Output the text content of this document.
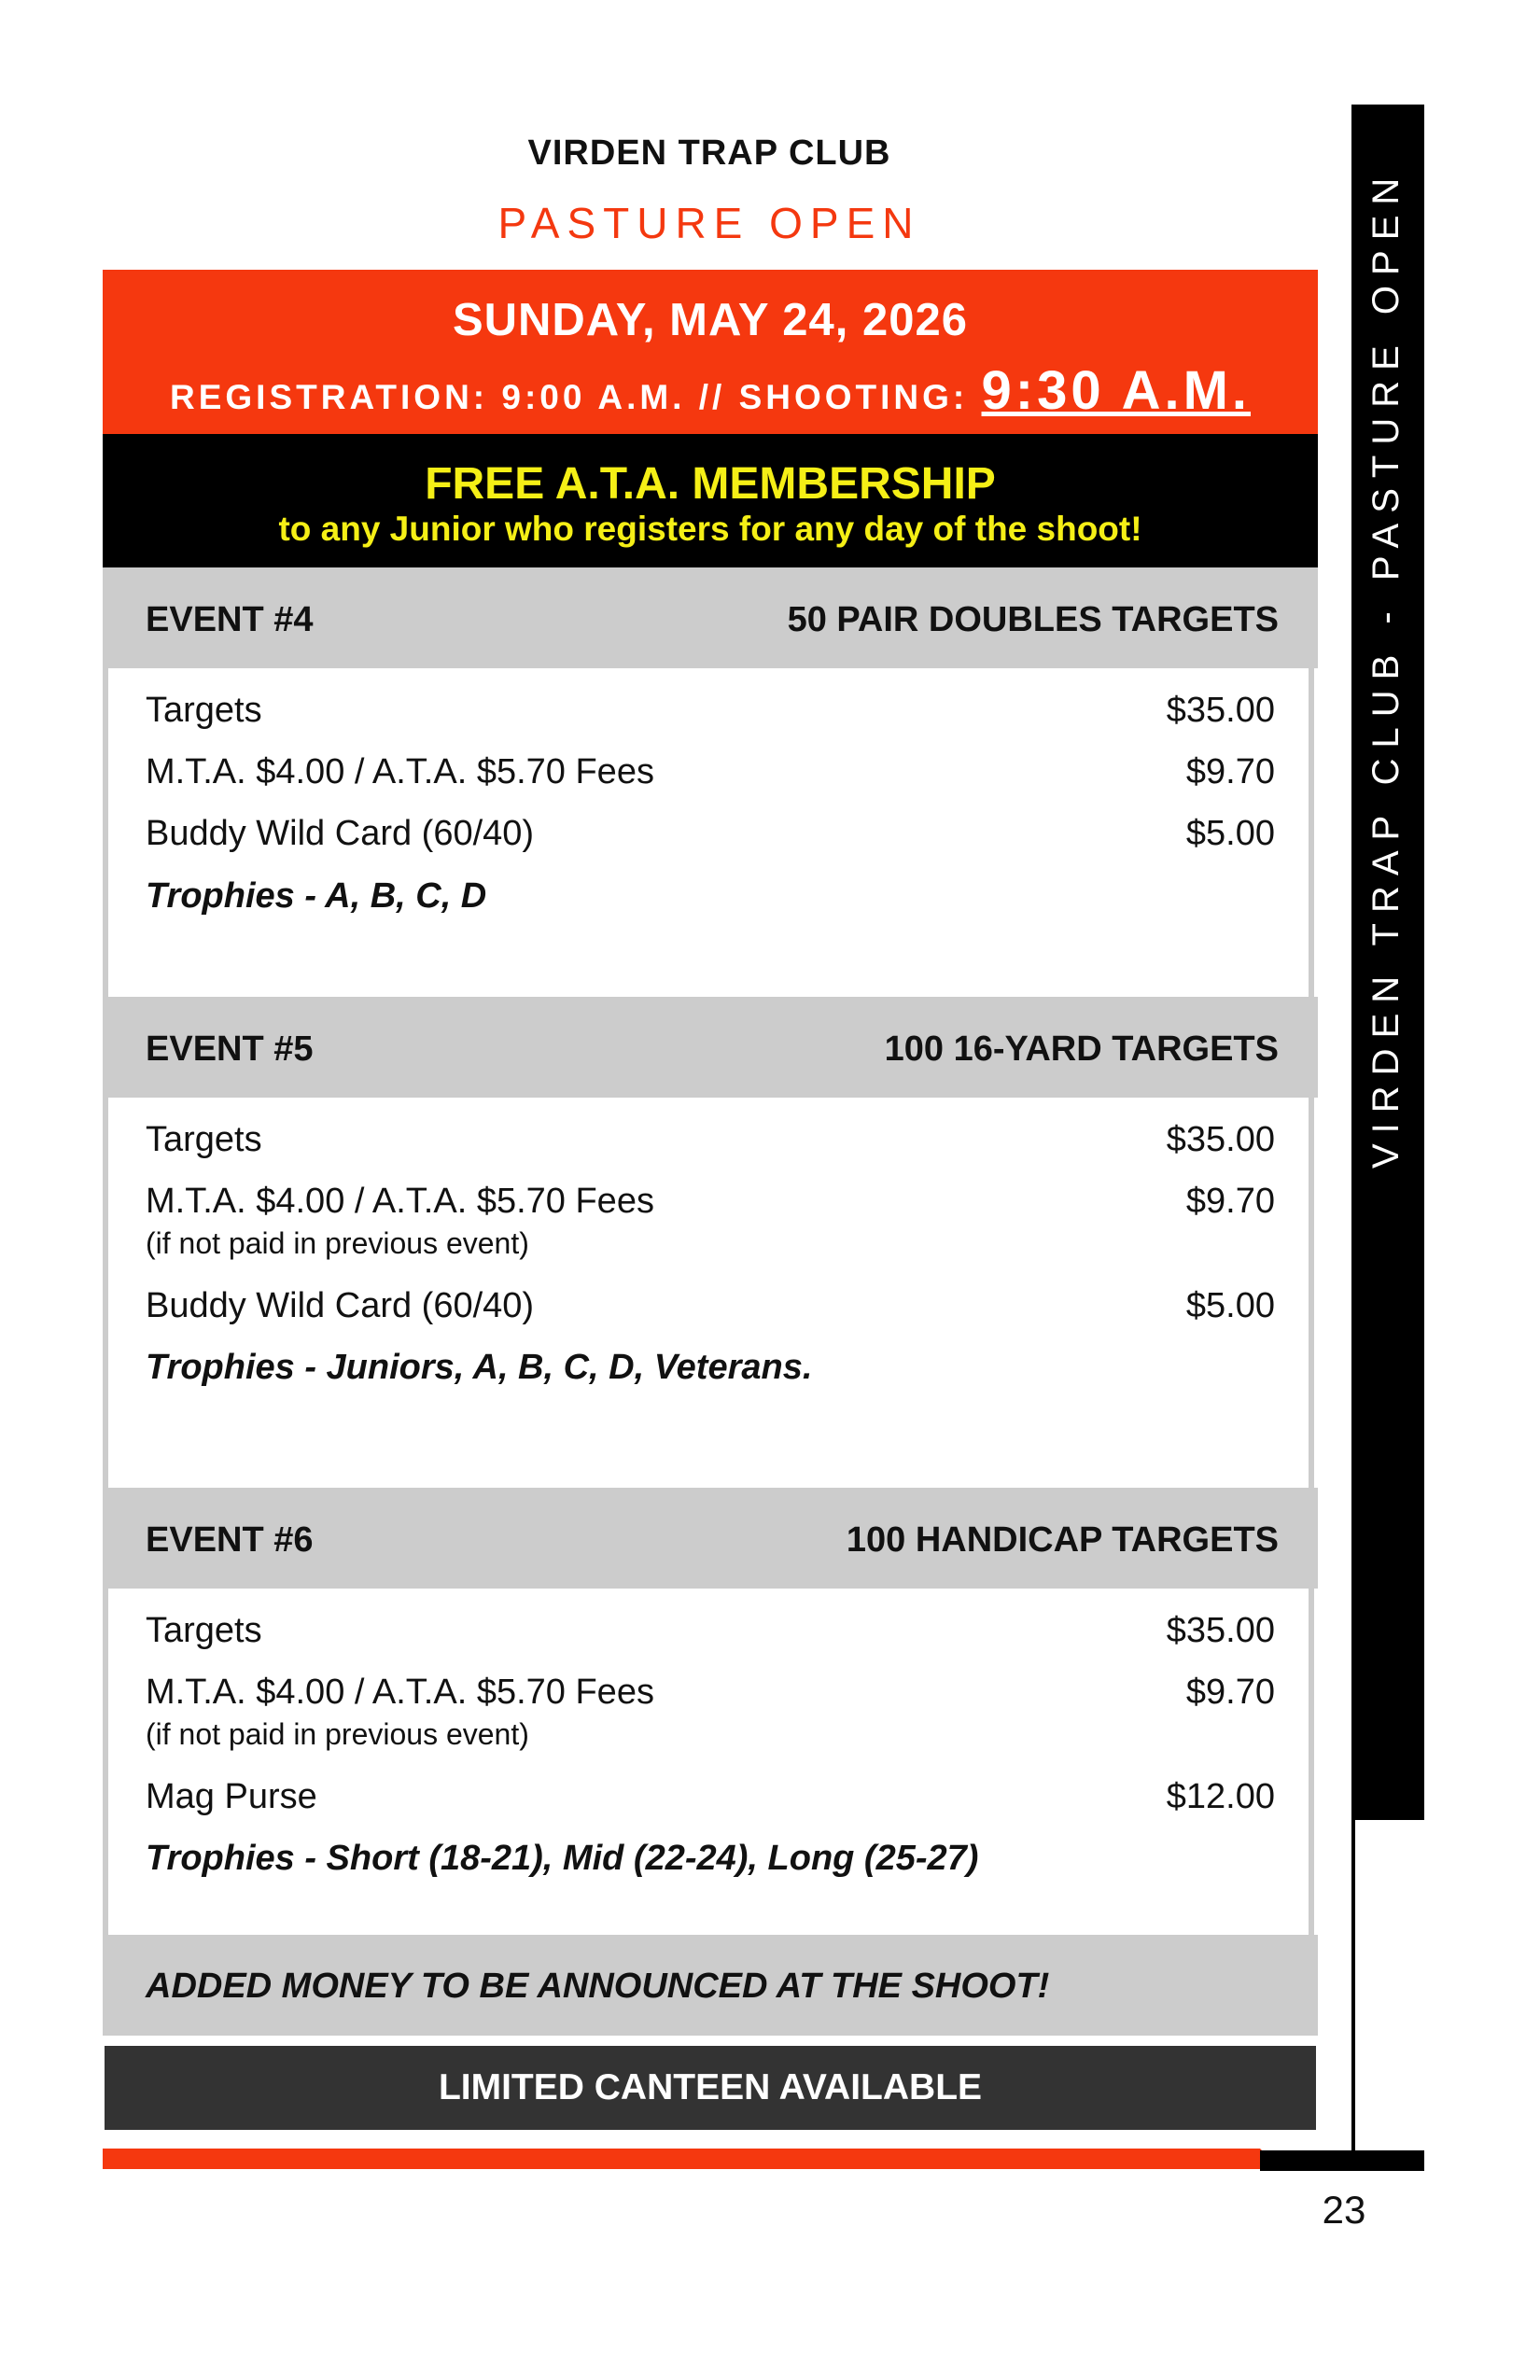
VIRDEN TRAP CLUB
PASTURE OPEN
SUNDAY, MAY 24, 2026
REGISTRATION: 9:00 A.M. // SHOOTING: 9:30 A.M.
FREE A.T.A. MEMBERSHIP
to any Junior who registers for any day of the shoot!
EVENT #4	50 PAIR DOUBLES TARGETS
Targets	$35.00
M.T.A. $4.00 / A.T.A. $5.70 Fees	$9.70
Buddy Wild Card (60/40)	$5.00
Trophies - A, B, C, D
EVENT #5	100 16-YARD TARGETS
Targets	$35.00
M.T.A. $4.00 / A.T.A. $5.70 Fees	$9.70
(if not paid in previous event)
Buddy Wild Card (60/40)	$5.00
Trophies - Juniors, A, B, C, D, Veterans.
EVENT #6	100 HANDICAP TARGETS
Targets	$35.00
M.T.A. $4.00 / A.T.A. $5.70 Fees	$9.70
(if not paid in previous event)
Mag Purse	$12.00
Trophies - Short (18-21), Mid (22-24), Long (25-27)
ADDED MONEY TO BE ANNOUNCED AT THE SHOOT!
LIMITED CANTEEN AVAILABLE
VIRDEN TRAP CLUB - PASTURE OPEN
23
